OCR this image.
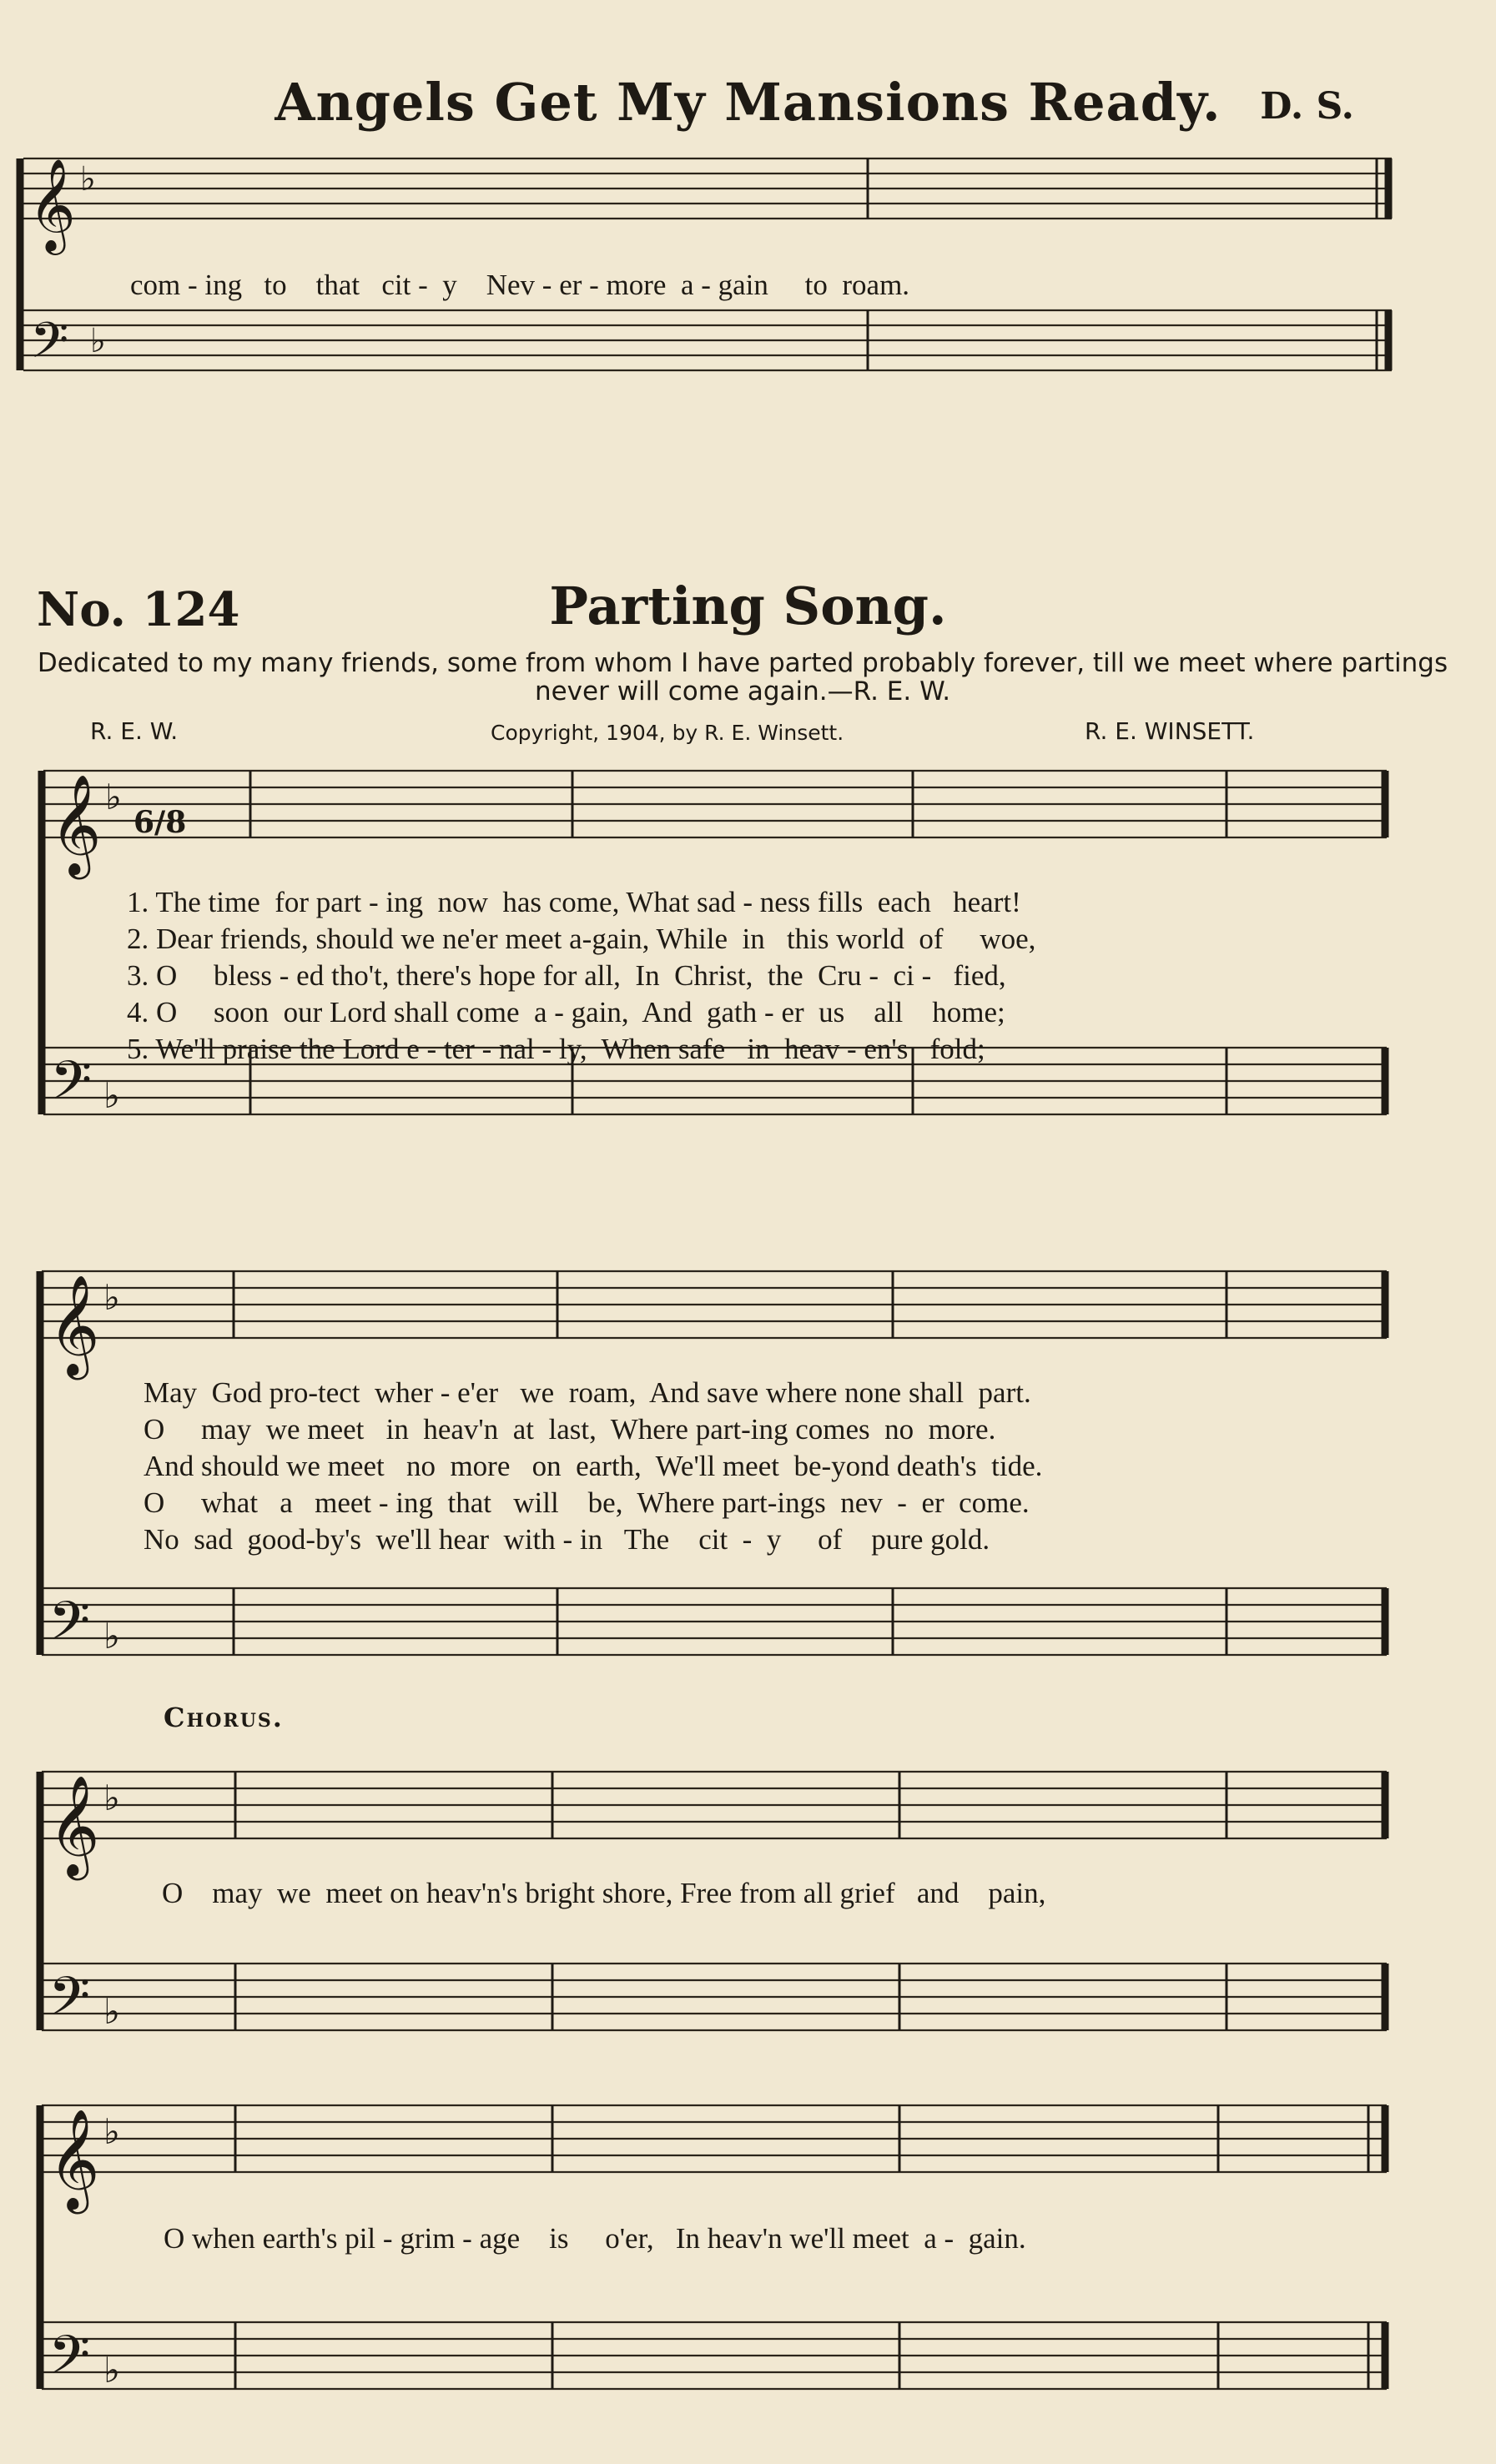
Angels Get My Mansions Ready.	D. S.
𝄞 ♭
𝄢 ♭
com - ing   to    that   cit -  y    Nev - er - more  a - gain     to  roam.
No. 124	Parting Song.
Dedicated to my many friends, some from whom I have parted probably forever, till we meet where partings never will come again.—R. E. W.
R. E. W.	Copyright, 1904, by R. E. Winsett.	R. E. WINSETT.
𝄞 ♭
6/8
𝄢 ♭
1. The time  for part - ing  now  has come, What sad - ness fills  each   heart!
2. Dear friends, should we ne'er meet a-gain, While  in   this world  of     woe,
3. O     bless - ed tho't, there's hope for all,  In  Christ,  the  Cru -  ci -   fied,
4. O     soon  our Lord shall come  a - gain,  And  gath - er  us    all    home;
5. We'll praise the Lord e - ter - nal - ly,  When safe   in  heav - en's   fold;
𝄞 ♭
𝄢 ♭
May  God pro-tect  wher - e'er   we  roam,  And save where none shall  part.
O     may  we meet   in  heav'n  at  last,  Where part-ing comes  no  more.
And should we meet   no  more   on  earth,  We'll meet  be-yond death's  tide.
O     what   a   meet - ing  that   will    be,  Where part-ings  nev  -  er  come.
No  sad  good-by's  we'll hear  with - in   The    cit  -  y     of    pure gold.
Chorus.
𝄞 ♭
𝄢 ♭
O    may  we  meet on heav'n's bright shore, Free from all grief   and    pain,
𝄞 ♭
𝄢 ♭
O when earth's pil - grim - age    is     o'er,   In heav'n we'll meet  a -  gain.
